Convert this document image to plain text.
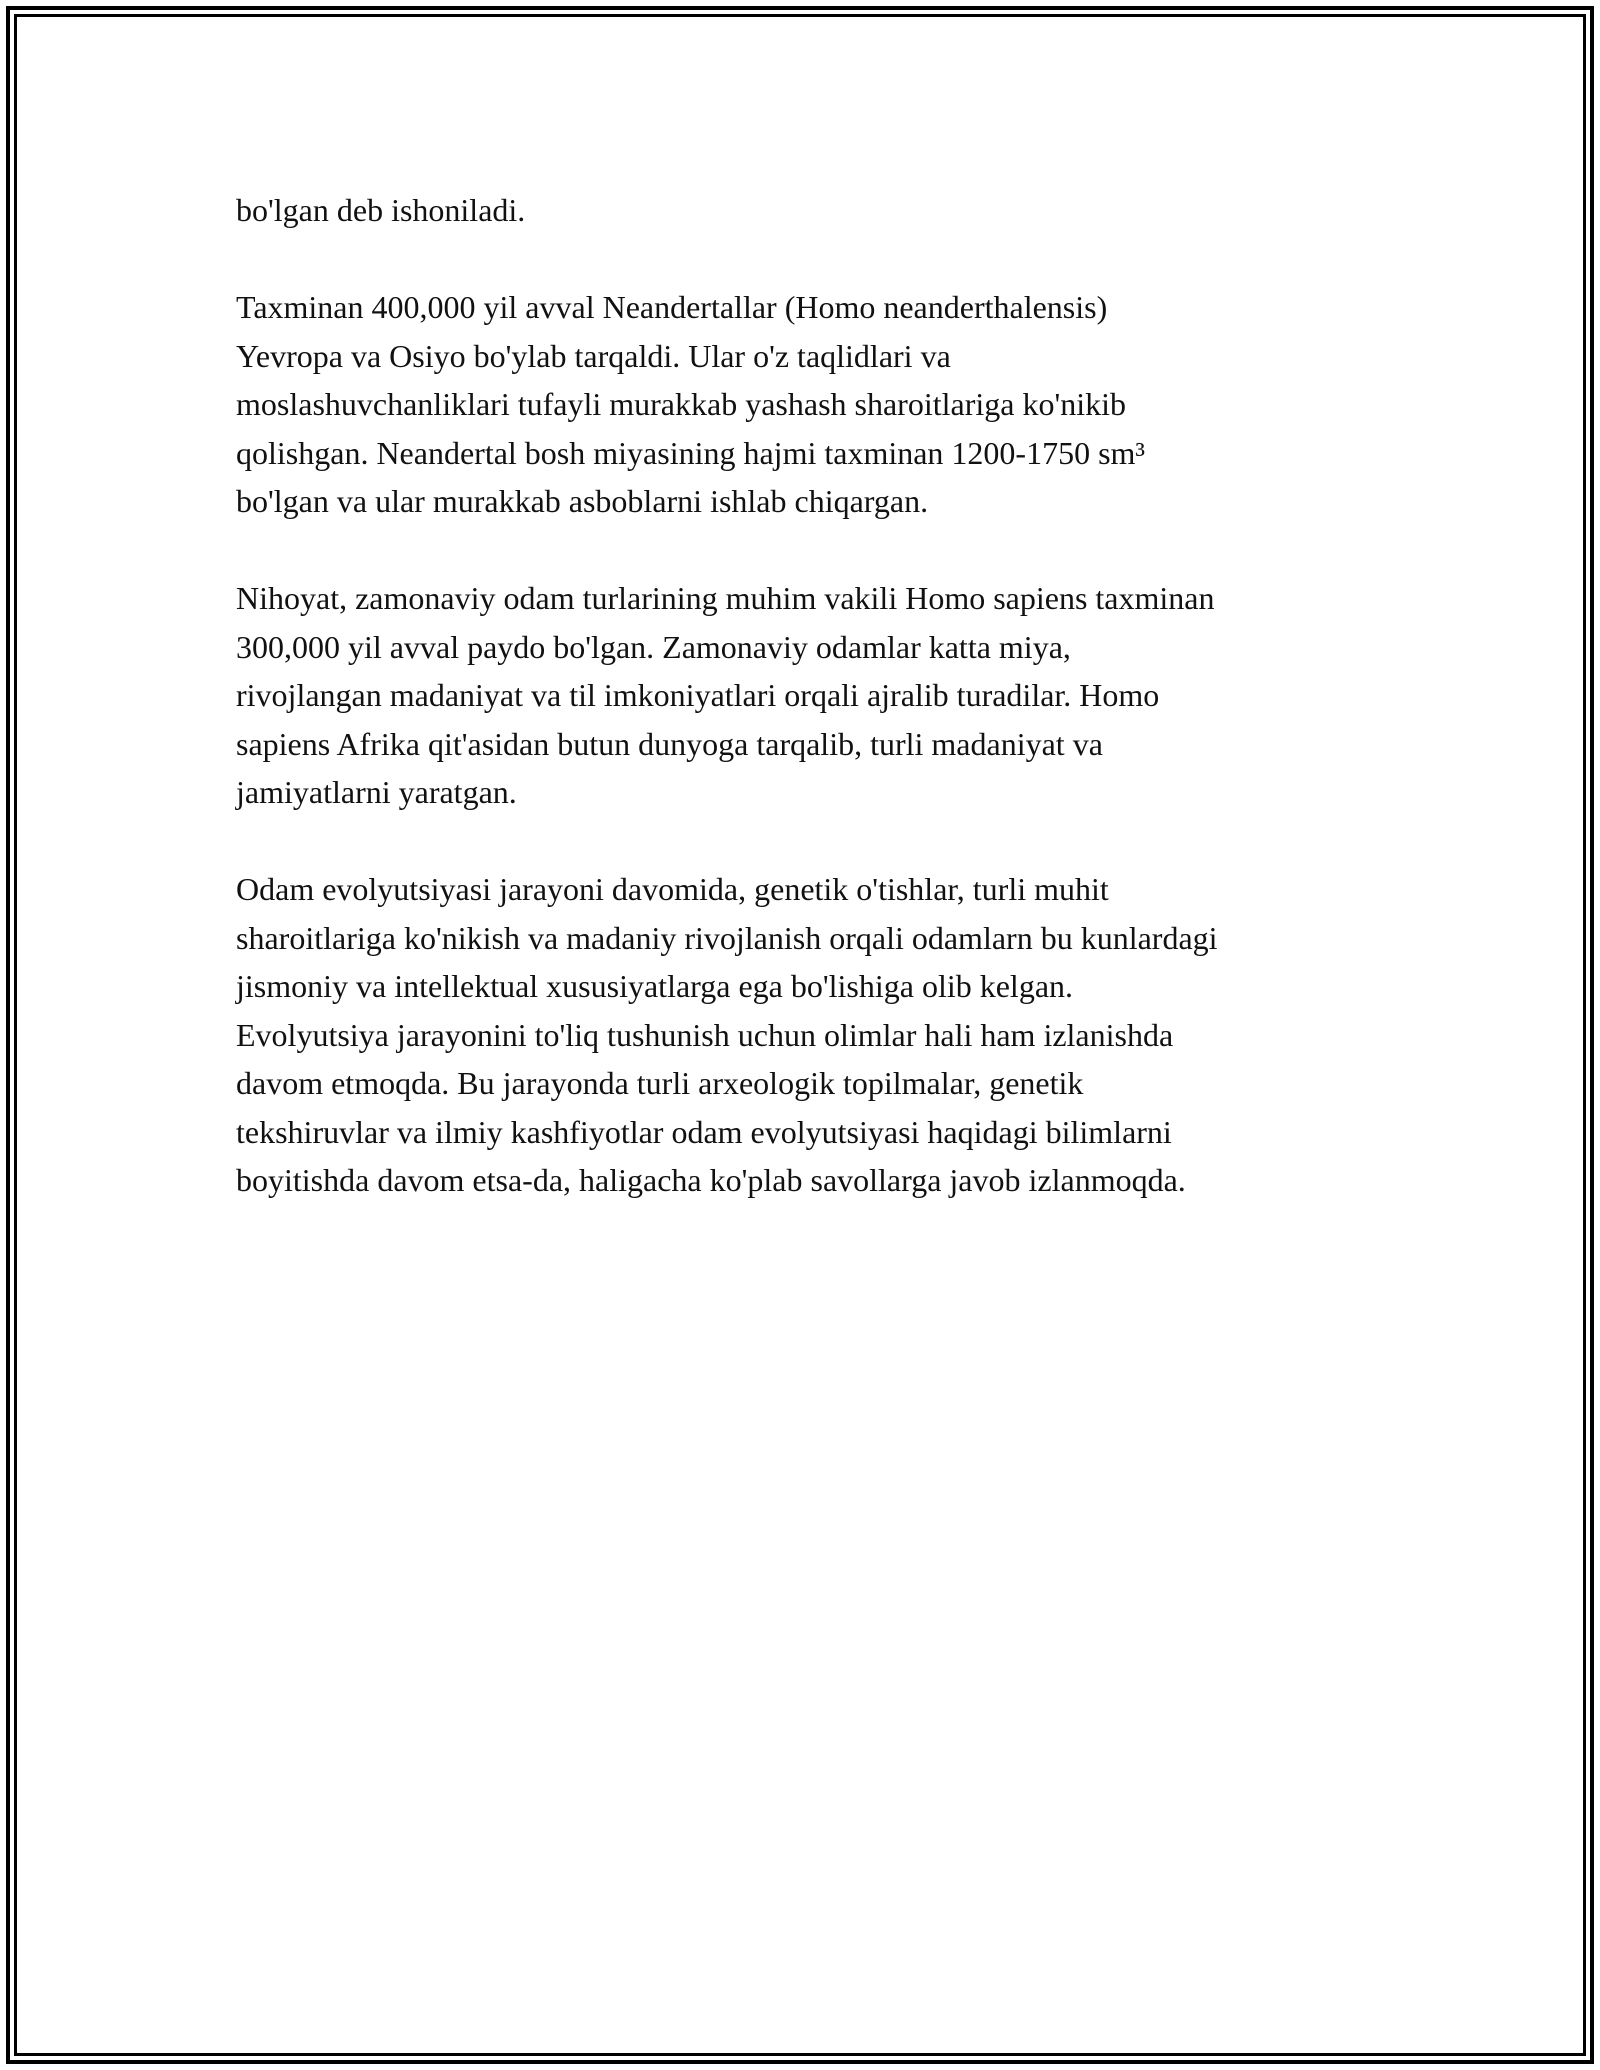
bo'lgan deb ishoniladi.

Taxminan 400,000 yil avval Neandertallar (Homo neanderthalensis)
Yevropa va Osiyo bo'ylab tarqaldi. Ular o'z taqlidlari va
moslashuvchanliklari tufayli murakkab yashash sharoitlariga ko'nikib
qolishgan. Neandertal bosh miyasining hajmi taxminan 1200-1750 sm³
bo'lgan va ular murakkab asboblarni ishlab chiqargan.

Nihoyat, zamonaviy odam turlarining muhim vakili Homo sapiens taxminan
300,000 yil avval paydo bo'lgan. Zamonaviy odamlar katta miya,
rivojlangan madaniyat va til imkoniyatlari orqali ajralib turadilar. Homo
sapiens Afrika qit'asidan butun dunyoga tarqalib, turli madaniyat va
jamiyatlarni yaratgan.

Odam evolyutsiyasi jarayoni davomida, genetik o'tishlar, turli muhit
sharoitlariga ko'nikish va madaniy rivojlanish orqali odamlarn bu kunlardagi
jismoniy va intellektual xususiyatlarga ega bo'lishiga olib kelgan.
Evolyutsiya jarayonini to'liq tushunish uchun olimlar hali ham izlanishda
davom etmoqda. Bu jarayonda turli arxeologik topilmalar, genetik
tekshiruvlar va ilmiy kashfiyotlar odam evolyutsiyasi haqidagi bilimlarni
boyitishda davom etsa-da, haligacha ko'plab savollarga javob izlanmoqda.
